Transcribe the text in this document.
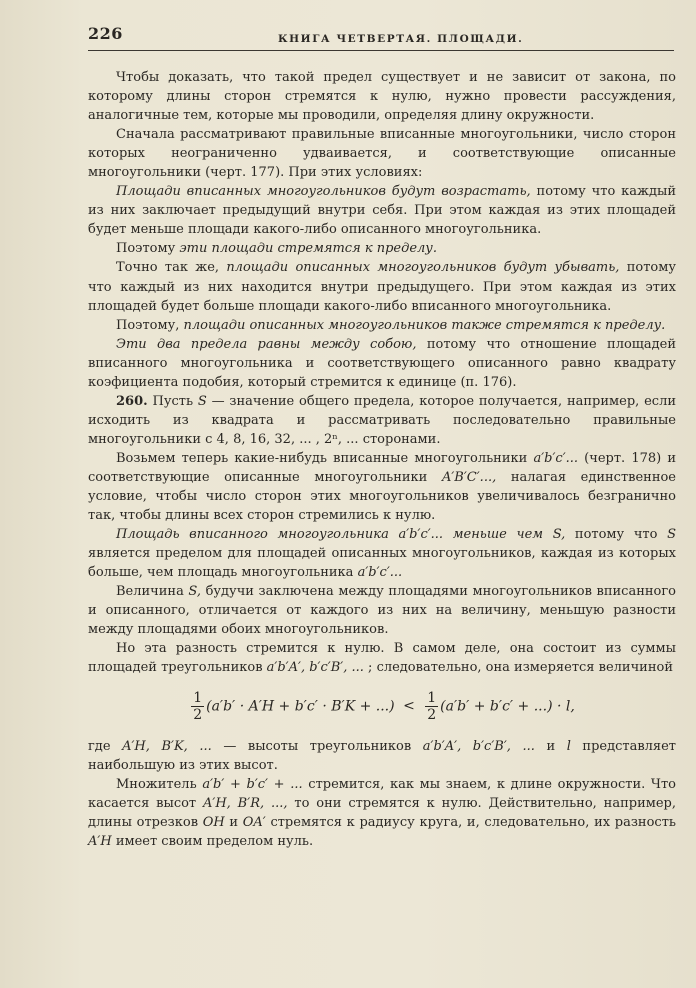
226	КНИГА ЧЕТВЕРТАЯ. ПЛОЩАДИ.

Чтобы доказать, что такой предел существует и не зависит от закона, по которому длины сторон стремятся к нулю, нужно провести рассуждения, аналогичные тем, которые мы проводили, определяя длину окружности.

Сначала рассматривают правильные вписанные многоугольники, число сторон которых неограниченно удваивается, и соответствующие описанные многоугольники (черт. 177). При этих условиях:

Площади вписанных многоугольников будут возрастать, потому что каждый из них заключает предыдущий внутри себя. При этом каждая из этих площадей будет меньше площади какого-либо описанного многоугольника.

Поэтому эти площади стремятся к пределу.

Точно так же, площади описанных многоугольников будут убывать, потому что каждый из них находится внутри предыдущего. При этом каждая из этих площадей будет больше площади какого-либо вписанного многоугольника.

Поэтому, площади описанных многоугольников также стремятся к пределу.

Эти два предела равны между собою, потому что отношение площадей вписанного многоугольника и соответствующего описанного равно квадрату коэфициента подобия, который стремится к единице (п. 176).

260. Пусть S — значение общего предела, которое получается, например, если исходить из квадрата и рассматривать последовательно правильные многоугольники с 4, 8, 16, 32, ... , 2ⁿ, ... сторонами.

Возьмем теперь какие-нибудь вписанные многоугольники a′b′c′... (черт. 178) и соответствующие описанные многоугольники A′B′C′..., налагая единственное условие, чтобы число сторон этих многоугольников увеличивалось безгранично так, чтобы длины всех сторон стремились к нулю.

Площадь вписанного многоугольника a′b′c′... меньше чем S, потому что S является пределом для площадей описанных многоугольников, каждая из которых больше, чем площадь многоугольника a′b′c′...

Величина S, будучи заключена между площадями многоугольников вписанного и описанного, отличается от каждого из них на величину, меньшую разности между площадями обоих многоугольников.

Но эта разность стремится к нулю. В самом деле, она состоит из суммы площадей треугольников a′b′A′, b′c′B′, ... ; следовательно, она измеряется величиной

$\frac{1}{2} (a'b' \cdot A'H + b'c' \cdot B'K$ + ...) < $\frac{1}{2} (a'b' + b'c'$ + ...) · l,

где A′H, B′K, ... — высоты треугольников a′b′A′, b′c′B′, ... и l представляет наибольшую из этих высот.

Множитель a′b′ + b′c′ + ... стремится, как мы знаем, к длине окружности. Что касается высот A′H, B′R, ..., то они стремятся к нулю. Действительно, например, длины отрезков OH и OA′ стремятся к радиусу круга, и, следовательно, их разность A′H имеет своим пределом нуль.
